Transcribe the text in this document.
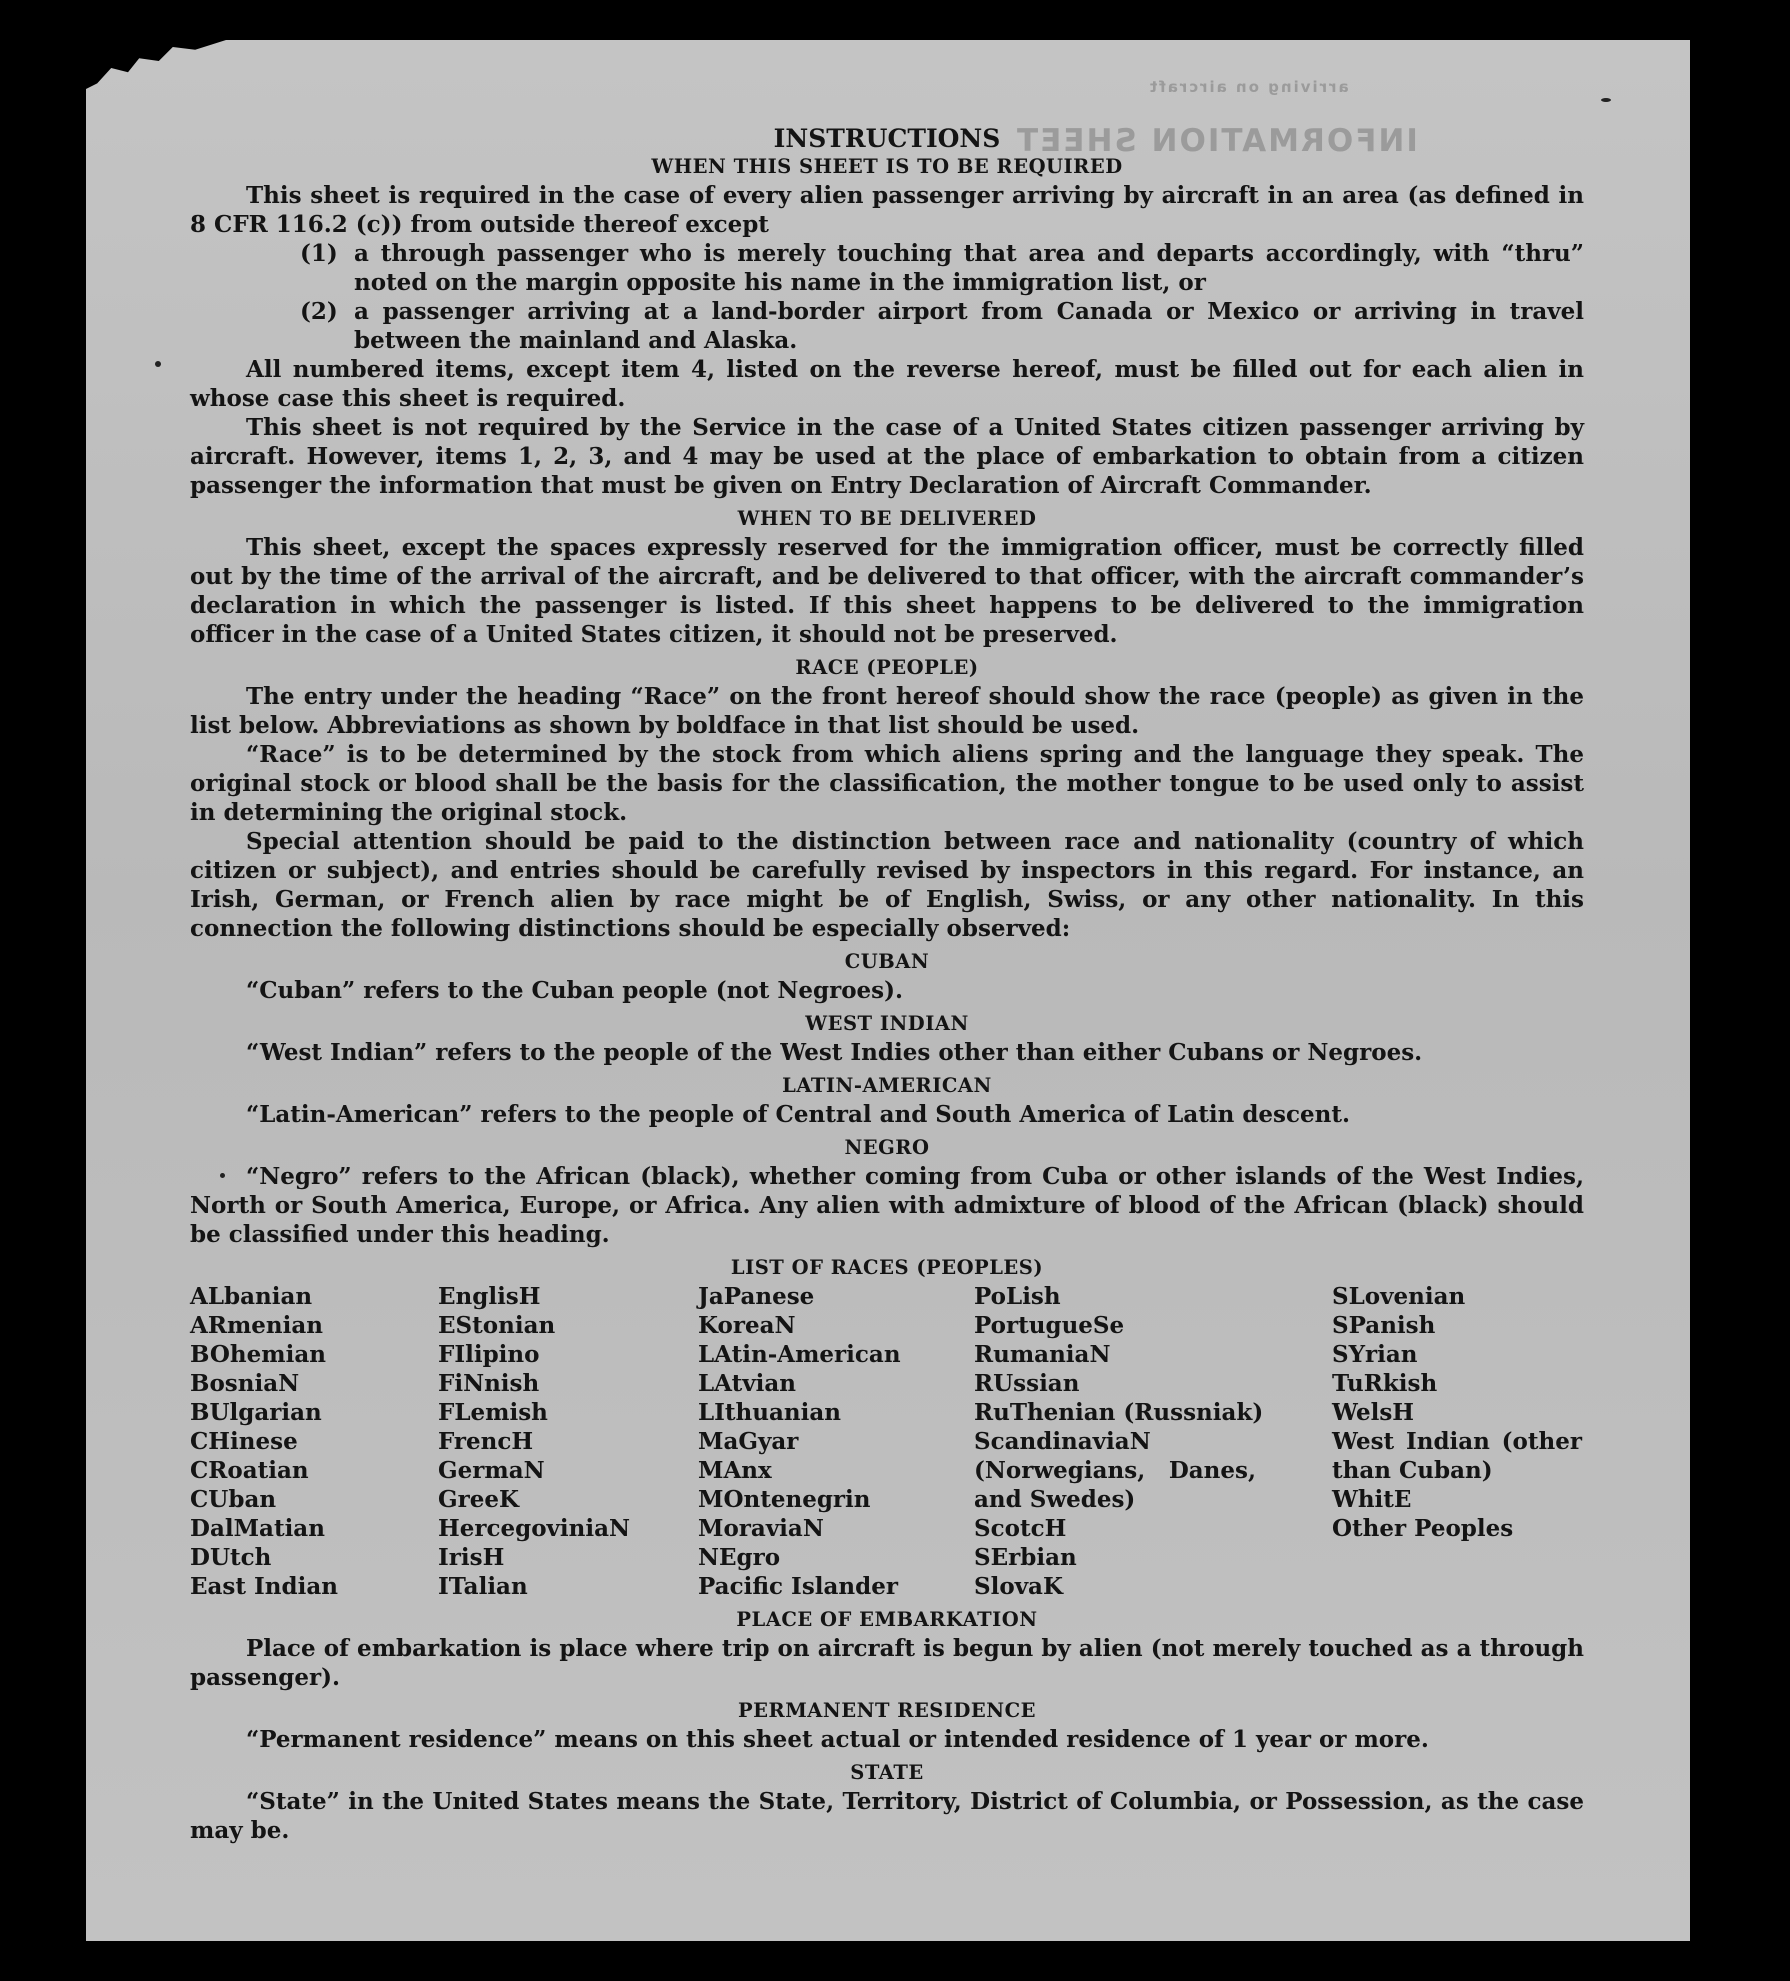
INFORMATION SHEET
arriving on aircraft
INSTRUCTIONS
WHEN THIS SHEET IS TO BE REQUIRED

This sheet is required in the case of every alien passenger arriving by aircraft in an area (as defined in 8 CFR 116.2 (c)) from outside thereof except

(1) a through passenger who is merely touching that area and departs accordingly, with “thru” noted on the margin opposite his name in the immigration list, or
(2) a passenger arriving at a land-border airport from Canada or Mexico or arriving in travel between the mainland and Alaska.

All numbered items, except item 4, listed on the reverse hereof, must be filled out for each alien in whose case this sheet is required.

This sheet is not required by the Service in the case of a United States citizen passenger arriving by aircraft. However, items 1, 2, 3, and 4 may be used at the place of embarkation to obtain from a citizen passenger the information that must be given on Entry Declaration of Aircraft Commander.

WHEN TO BE DELIVERED

This sheet, except the spaces expressly reserved for the immigration officer, must be correctly filled out by the time of the arrival of the aircraft, and be delivered to that officer, with the aircraft commander’s declaration in which the passenger is listed. If this sheet happens to be delivered to the immigration officer in the case of a United States citizen, it should not be preserved.

RACE (PEOPLE)

The entry under the heading “Race” on the front hereof should show the race (people) as given in the list below. Abbreviations as shown by boldface in that list should be used.

“Race” is to be determined by the stock from which aliens spring and the language they speak. The original stock or blood shall be the basis for the classification, the mother tongue to be used only to assist in determining the original stock.

Special attention should be paid to the distinction between race and nationality (country of which citizen or subject), and entries should be carefully revised by inspectors in this regard. For instance, an Irish, German, or French alien by race might be of English, Swiss, or any other nationality. In this connection the following distinctions should be especially observed:

CUBAN

“Cuban” refers to the Cuban people (not Negroes).

WEST INDIAN

“West Indian” refers to the people of the West Indies other than either Cubans or Negroes.

LATIN-AMERICAN

“Latin-American” refers to the people of Central and South America of Latin descent.

NEGRO

“Negro” refers to the African (black), whether coming from Cuba or other islands of the West Indies, North or South America, Europe, or Africa. Any alien with admixture of blood of the African (black) should be classified under this heading.

LIST OF RACES (PEOPLES)
ALbanian
ARmenian
BOhemian
BosniaN
BUlgarian
CHinese
CRoatian
CUban
DalMatian
DUtch
East Indian
EnglisH
EStonian
FIlipino
FiNnish
FLemish
FrencH
GermaN
GreeK
HercegoviniaN
IrisH
ITalian
JaPanese
KoreaN
LAtin-American
LAtvian
LIthuanian
MaGyar
MAnx
MOntenegrin
MoraviaN
NEgro
Pacific Islander
PoLish
PortugueSe
RumaniaN
RUssian
RuThenian (Russniak)
ScandinaviaN (Norwegians, Danes, and Swedes)
ScotcH
SErbian
SlovaK
SLovenian
SPanish
SYrian
TuRkish
WelsH
West Indian (other than Cuban)
WhitE
Other Peoples
PLACE OF EMBARKATION

Place of embarkation is place where trip on aircraft is begun by alien (not merely touched as a through passenger).

PERMANENT RESIDENCE

“Permanent residence” means on this sheet actual or intended residence of 1 year or more.

STATE

“State” in the United States means the State, Territory, District of Columbia, or Possession, as the case may be.
